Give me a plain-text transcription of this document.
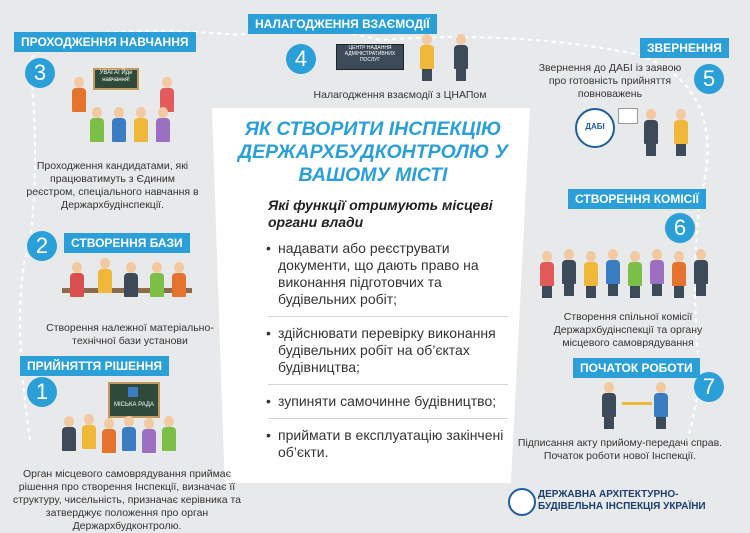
ЯК СТВОРИТИ ІНСПЕКЦІЮ ДЕРЖАРХБУДКОНТРОЛЮ У ВАШОМУ МІСТІ
Які функції отримують місцеві органи влади
• надавати або реєструвати документи, що дають право на виконання підготовчих та будівельних робіт;
• здійснювати перевірку виконання будівельних робіт на об’єктах будівництва;
• зупиняти самочинне будівництво;
• приймати в експлуатацію закінчені об’єкти.
ПРОХОДЖЕННЯ НАВЧАННЯ
3	УВАГА! Йде навчання!
Проходження кандидатами, які працюватимуть з Єдиним реєстром, спеціального навчання в Держархбудінспекції.
2	СТВОРЕННЯ БАЗИ
Створення належної матеріально-технічної бази установи
ПРИЙНЯТТЯ РІШЕННЯ
1
МІСЬКА РАДА
Орган місцевого самоврядування приймає рішення про створення Інспекції, визначає її структуру, чисельність, призначає керівника та затверджує положення про орган Держархбудконтролю.
НАЛАГОДЖЕННЯ ВЗАЄМОДІЇ
4	ЦЕНТР НАДАННЯ АДМІНІСТРАТИВНИХ ПОСЛУГ
Налагодження взаємодії з ЦНАПом
ЗВЕРНЕННЯ
5
Звернення до ДАБІ із заявою про готовність прийняття повноважень
ДАБІ
СТВОРЕННЯ КОМІСІЇ
6
Створення спільної комісії Держархбудінспекції та органу місцевого самоврядування
ПОЧАТОК РОБОТИ
7
Підписання акту прийому-передачі справ. Початок роботи нової Інспекції.
ДЕРЖАВНА АРХІТЕКТУРНО-БУДІВЕЛЬНА ІНСПЕКЦІЯ УКРАЇНИ
